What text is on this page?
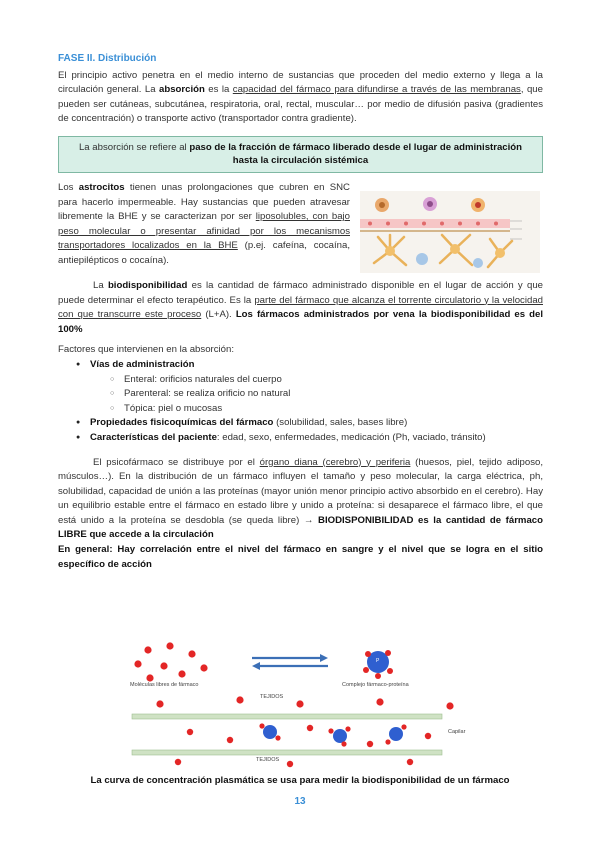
FASE II. Distribución

El principio activo penetra en el medio interno de sustancias que proceden del medio externo y llega a la circulación general. La absorción es la capacidad del fármaco para difundirse a través de las membranas, que pueden ser cutáneas, subcutánea, respiratoria, oral, rectal, muscular… por medio de difusión pasiva (gradientes de concentración) o transporte activo (transportador contra gradiente).

La absorción se refiere al paso de la fracción de fármaco liberado desde el lugar de administración hasta la circulación sistémica

Los astrocitos tienen unas prolongaciones que cubren en SNC para hacerlo impermeable. Hay sustancias que pueden atravesar libremente la BHE y se caracterizan por ser liposolubles, con bajo peso molecular o presentar afinidad por los mecanismos transportadores localizados en la BHE (p.ej. cafeína, cocaína, antiepilépticos o cocaína).

La biodisponibilidad es la cantidad de fármaco administrado disponible en el lugar de acción y que puede determinar el efecto terapéutico. Es la parte del fármaco que alcanza el torrente circulatorio y la velocidad con que transcurre este proceso (L+A). Los fármacos administrados por vena la biodisponibilidad es del 100%

Factores que intervienen en la absorción:

● Vías de administración
○ Enteral: orificios naturales del cuerpo
○ Parenteral: se realiza orificio no natural
○ Tópica: piel o mucosas
● Propiedades fisicoquímicas del fármaco (solubilidad, sales, bases libre)
● Características del paciente: edad, sexo, enfermedades, medicación (Ph, vaciado, tránsito)

El psicofármaco se distribuye por el órgano diana (cerebro) y periferia (huesos, piel, tejido adiposo, músculos…). En la distribución de un fármaco influyen el tamaño y peso molecular, la carga eléctrica, ph, solubilidad, capacidad de unión a las proteínas (mayor unión menor principio activo absorbido en el cerebro). Hay un equilibrio estable entre el fármaco en estado libre y unido a proteína: si desaparece el fármaco libre, el que está unido a la proteína se desdobla (se queda libre) → BIODISPONIBILIDAD es la cantidad de fármaco LIBRE que accede a la circulación

En general: Hay correlación entre el nivel del fármaco en sangre y el nivel que se logra en el sitio específico de acción

Moléculas libres de fármaco	Complejo fármaco-proteína
TEJIDOS
TEJIDOS
Capilar
P
La curva de concentración plasmática se usa para medir la biodisponibilidad de un fármaco
13
